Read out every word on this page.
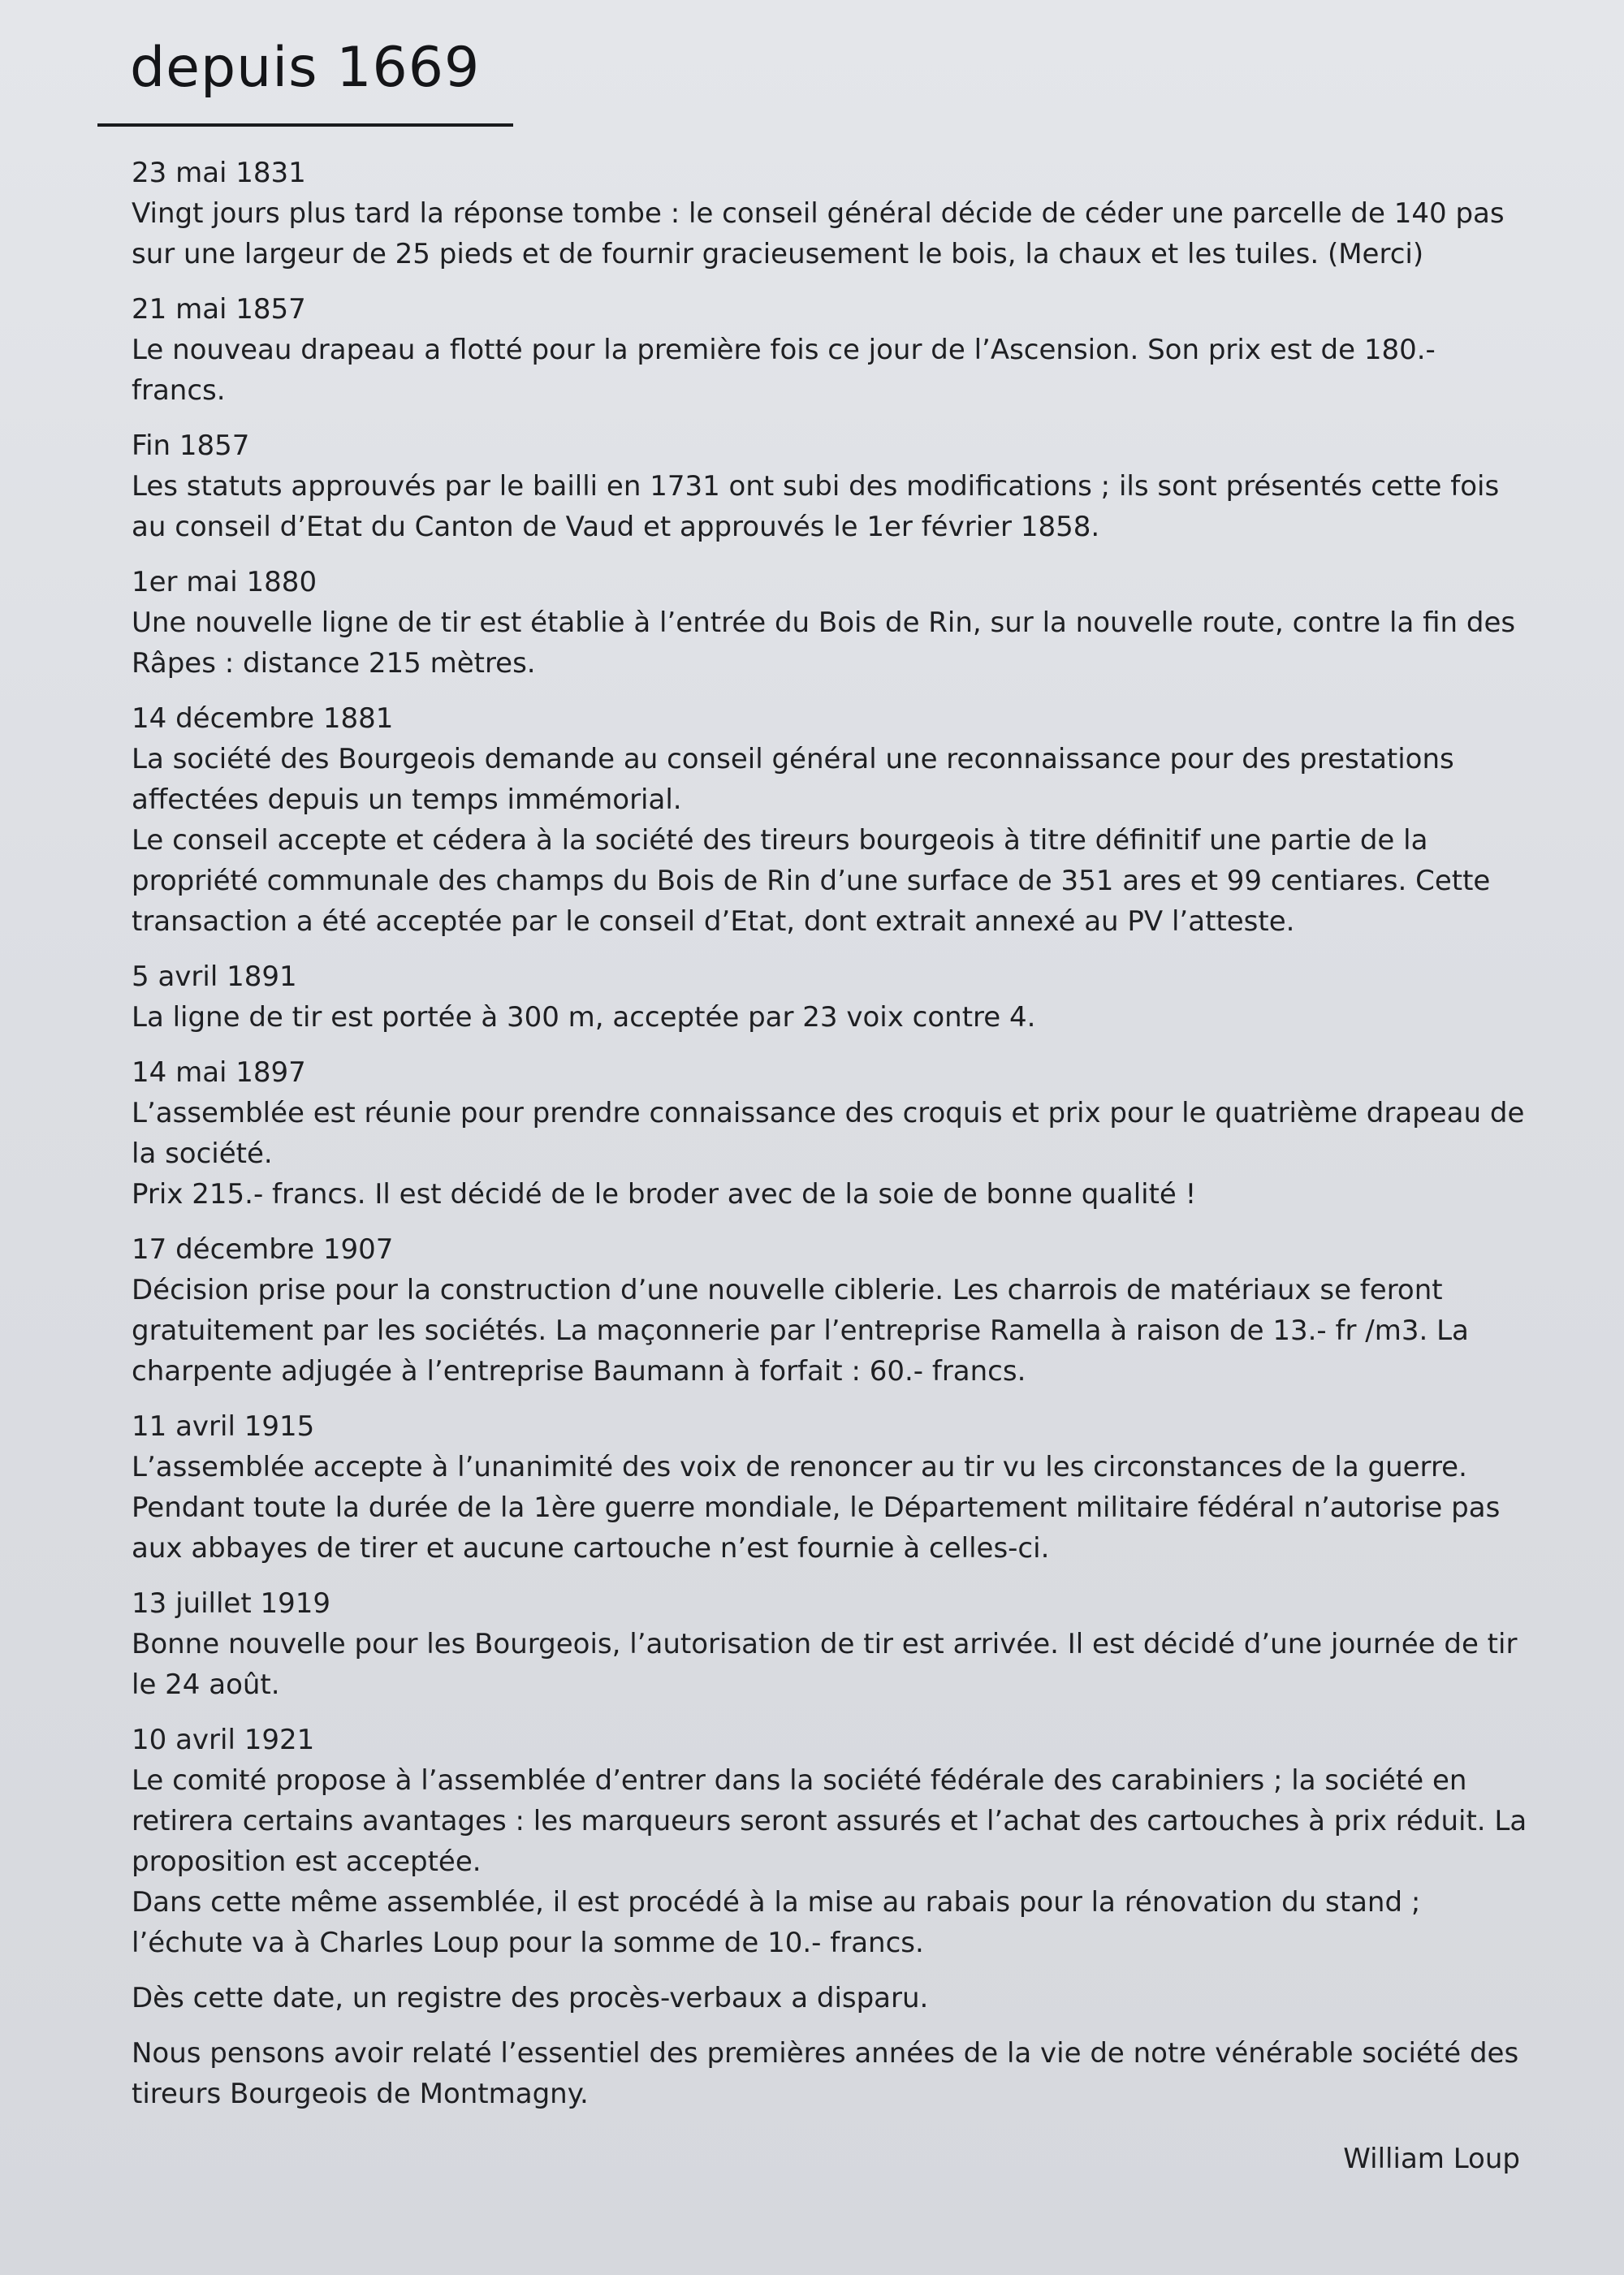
depuis 1669

23 mai 1831

Vingt jours plus tard la réponse tombe : le conseil général décide de céder une parcelle de 140 pas sur une largeur de 25 pieds et de fournir gracieusement le bois, la chaux et les tuiles. (Merci)

21 mai 1857

Le nouveau drapeau a flotté pour la première fois ce jour de l’Ascension. Son prix est de 180.- francs.

Fin 1857

Les statuts approuvés par le bailli en 1731 ont subi des modifications ; ils sont présentés cette fois au conseil d’Etat du Canton de Vaud et approuvés le 1er février 1858.

1er mai 1880

Une nouvelle ligne de tir est établie à l’entrée du Bois de Rin, sur la nouvelle route, contre la fin des Râpes : distance 215 mètres.

14 décembre 1881

La société des Bourgeois demande au conseil général une reconnaissance pour des prestations affectées depuis un temps immémorial.

Le conseil accepte et cédera à la société des tireurs bourgeois à titre définitif une partie de la propriété communale des champs du Bois de Rin d’une surface de 351 ares et 99 centiares. Cette transaction a été acceptée par le conseil d’Etat, dont extrait annexé au PV l’atteste.

5 avril 1891

La ligne de tir est portée à 300 m, acceptée par 23 voix contre 4.

14 mai 1897

L’assemblée est réunie pour prendre connaissance des croquis et prix pour le quatrième drapeau de la société.

Prix 215.- francs. Il est décidé de le broder avec de la soie de bonne qualité !

17 décembre 1907

Décision prise pour la construction d’une nouvelle ciblerie. Les charrois de matériaux se feront gratuitement par les sociétés. La maçonnerie par l’entreprise Ramella à raison de 13.- fr /m3. La charpente adjugée à l’entreprise Baumann à forfait : 60.- francs.

11 avril 1915

L’assemblée accepte à l’unanimité des voix de renoncer au tir vu les circonstances de la guerre. Pendant toute la durée de la 1ère guerre mondiale, le Département militaire fédéral n’autorise pas aux abbayes de tirer et aucune cartouche n’est fournie à celles-ci.

13 juillet 1919

Bonne nouvelle pour les Bourgeois, l’autorisation de tir est arrivée. Il est décidé d’une journée de tir le 24 août.

10 avril 1921

Le comité propose à l’assemblée d’entrer dans la société fédérale des carabiniers ; la société en retirera certains avantages : les marqueurs seront assurés et l’achat des cartouches à prix réduit. La proposition est acceptée.

Dans cette même assemblée, il est procédé à la mise au rabais pour la rénovation du stand ; l’échute va à Charles Loup pour la somme de 10.- francs.

Dès cette date, un registre des procès-verbaux a disparu.

Nous pensons avoir relaté l’essentiel des premières années de la vie de notre vénérable société des tireurs Bourgeois de Montmagny.

William Loup
